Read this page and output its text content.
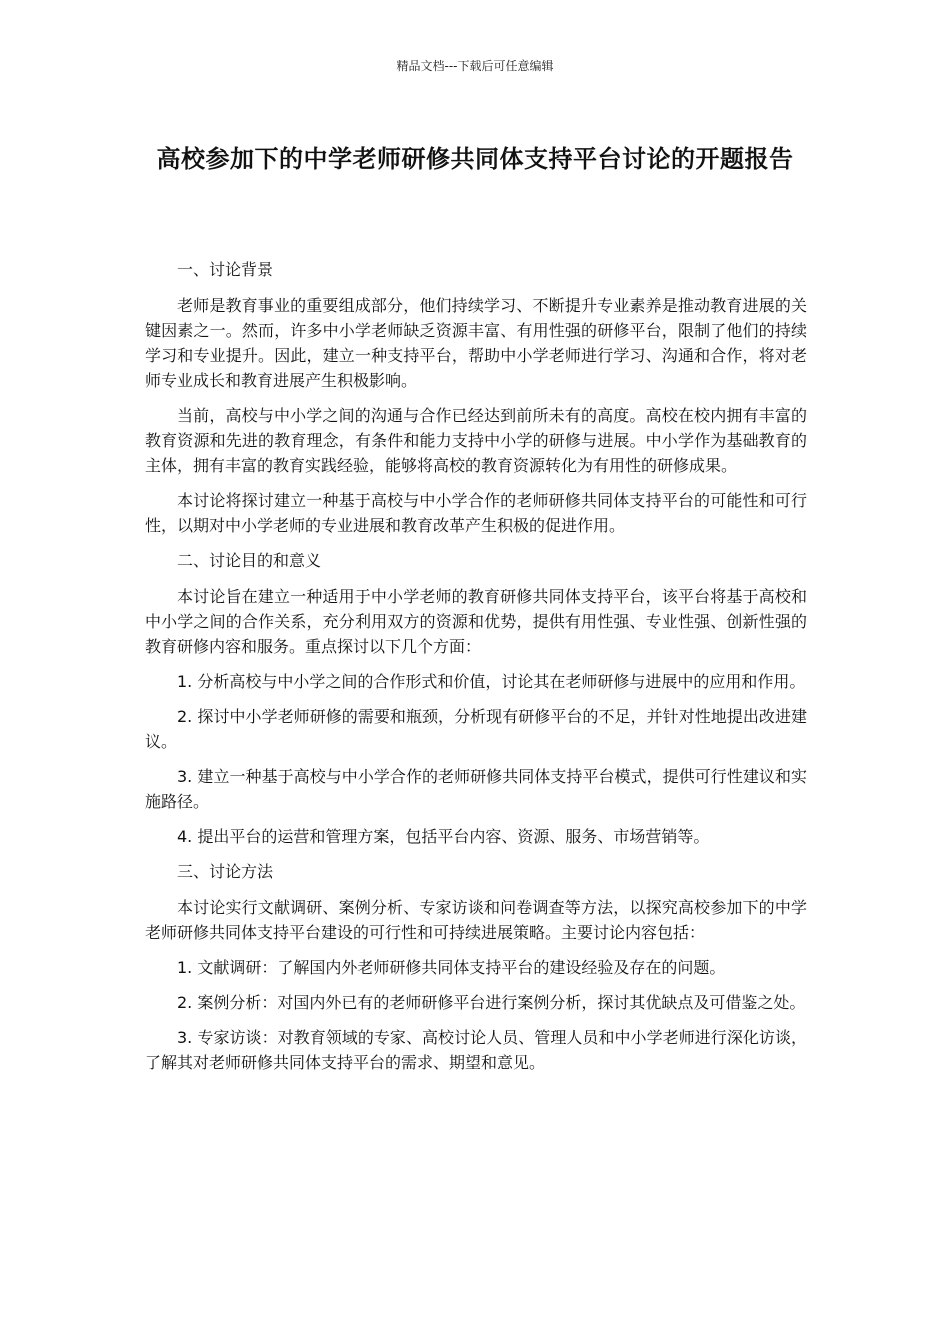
精品文档---下载后可任意编辑
高校参加下的中学老师研修共同体支持平台讨论的开题报告
一、讨论背景
老师是教育事业的重要组成部分，他们持续学习、不断提升专业素养是推动教育进展的关键因素之一。然而，许多中小学老师缺乏资源丰富、有用性强的研修平台，限制了他们的持续学习和专业提升。因此，建立一种支持平台，帮助中小学老师进行学习、沟通和合作，将对老师专业成长和教育进展产生积极影响。
当前，高校与中小学之间的沟通与合作已经达到前所未有的高度。高校在校内拥有丰富的教育资源和先进的教育理念，有条件和能力支持中小学的研修与进展。中小学作为基础教育的主体，拥有丰富的教育实践经验，能够将高校的教育资源转化为有用性的研修成果。
本讨论将探讨建立一种基于高校与中小学合作的老师研修共同体支持平台的可能性和可行性，以期对中小学老师的专业进展和教育改革产生积极的促进作用。
二、讨论目的和意义
本讨论旨在建立一种适用于中小学老师的教育研修共同体支持平台，该平台将基于高校和中小学之间的合作关系，充分利用双方的资源和优势，提供有用性强、专业性强、创新性强的教育研修内容和服务。重点探讨以下几个方面：
1. 分析高校与中小学之间的合作形式和价值，讨论其在老师研修与进展中的应用和作用。
2. 探讨中小学老师研修的需要和瓶颈，分析现有研修平台的不足，并针对性地提出改进建议。
3. 建立一种基于高校与中小学合作的老师研修共同体支持平台模式，提供可行性建议和实施路径。
4. 提出平台的运营和管理方案，包括平台内容、资源、服务、市场营销等。
三、讨论方法
本讨论实行文献调研、案例分析、专家访谈和问卷调查等方法，以探究高校参加下的中学老师研修共同体支持平台建设的可行性和可持续进展策略。主要讨论内容包括：
1. 文献调研：了解国内外老师研修共同体支持平台的建设经验及存在的问题。
2. 案例分析：对国内外已有的老师研修平台进行案例分析，探讨其优缺点及可借鉴之处。
3. 专家访谈：对教育领域的专家、高校讨论人员、管理人员和中小学老师进行深化访谈，了解其对老师研修共同体支持平台的需求、期望和意见。
